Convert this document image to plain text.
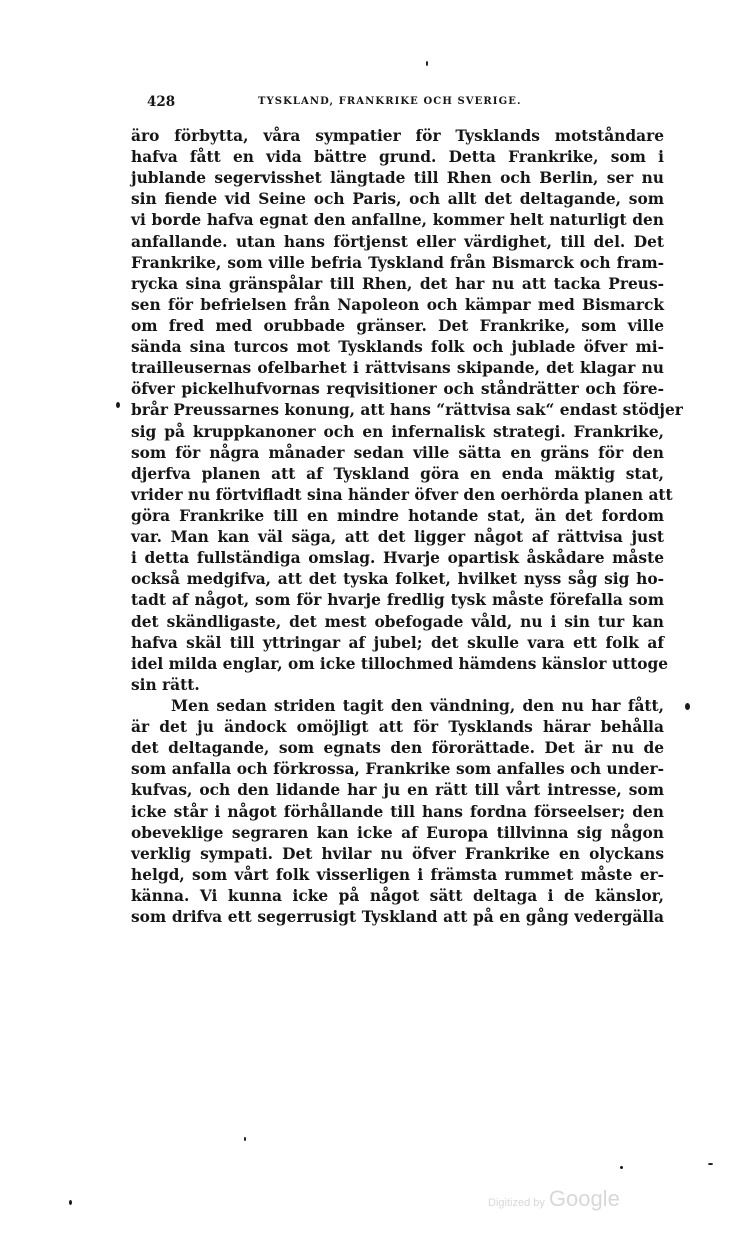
428	TYSKLAND, FRANKRIKE OCH SVERIGE.
äro förbytta, våra sympatier för Tysklands motståndare
hafva fått en vida bättre grund. Detta Frankrike, som i
jublande segervisshet längtade till Rhen och Berlin, ser nu
sin fiende vid Seine och Paris, och allt det deltagande, som
vi borde hafva egnat den anfallne, kommer helt naturligt den
anfallande. utan hans förtjenst eller värdighet, till del. Det
Frankrike, som ville befria Tyskland från Bismarck och fram-
rycka sina gränspålar till Rhen, det har nu att tacka Preus-
sen för befrielsen från Napoleon och kämpar med Bismarck
om fred med orubbade gränser. Det Frankrike, som ville
sända sina turcos mot Tysklands folk och jublade öfver mi-
trailleusernas ofelbarhet i rättvisans skipande, det klagar nu
öfver pickelhufvornas reqvisitioner och ståndrätter och före-
brår Preussarnes konung, att hans “rättvisa sak“ endast stödjer
sig på kruppkanoner och en infernalisk strategi. Frankrike,
som för några månader sedan ville sätta en gräns för den
djerfva planen att af Tyskland göra en enda mäktig stat,
vrider nu förtvifladt sina händer öfver den oerhörda planen att
göra Frankrike till en mindre hotande stat, än det fordom
var. Man kan väl säga, att det ligger något af rättvisa just
i detta fullständiga omslag. Hvarje opartisk åskådare måste
också medgifva, att det tyska folket, hvilket nyss såg sig ho-
tadt af något, som för hvarje fredlig tysk måste förefalla som
det skändligaste, det mest obefogade våld, nu i sin tur kan
hafva skäl till yttringar af jubel; det skulle vara ett folk af
idel milda englar, om icke tillochmed hämdens känslor uttoge
sin rätt.
Men sedan striden tagit den vändning, den nu har fått,
är det ju ändock omöjligt att för Tysklands härar behålla
det deltagande, som egnats den förorättade. Det är nu de
som anfalla och förkrossa, Frankrike som anfalles och under-
kufvas, och den lidande har ju en rätt till vårt intresse, som
icke står i något förhållande till hans fordna förseelser; den
obeveklige segraren kan icke af Europa tillvinna sig någon
verklig sympati. Det hvilar nu öfver Frankrike en olyckans
helgd, som vårt folk visserligen i främsta rummet måste er-
känna. Vi kunna icke på något sätt deltaga i de känslor,
som drifva ett segerrusigt Tyskland att på en gång vedergälla
Digitized by Google
